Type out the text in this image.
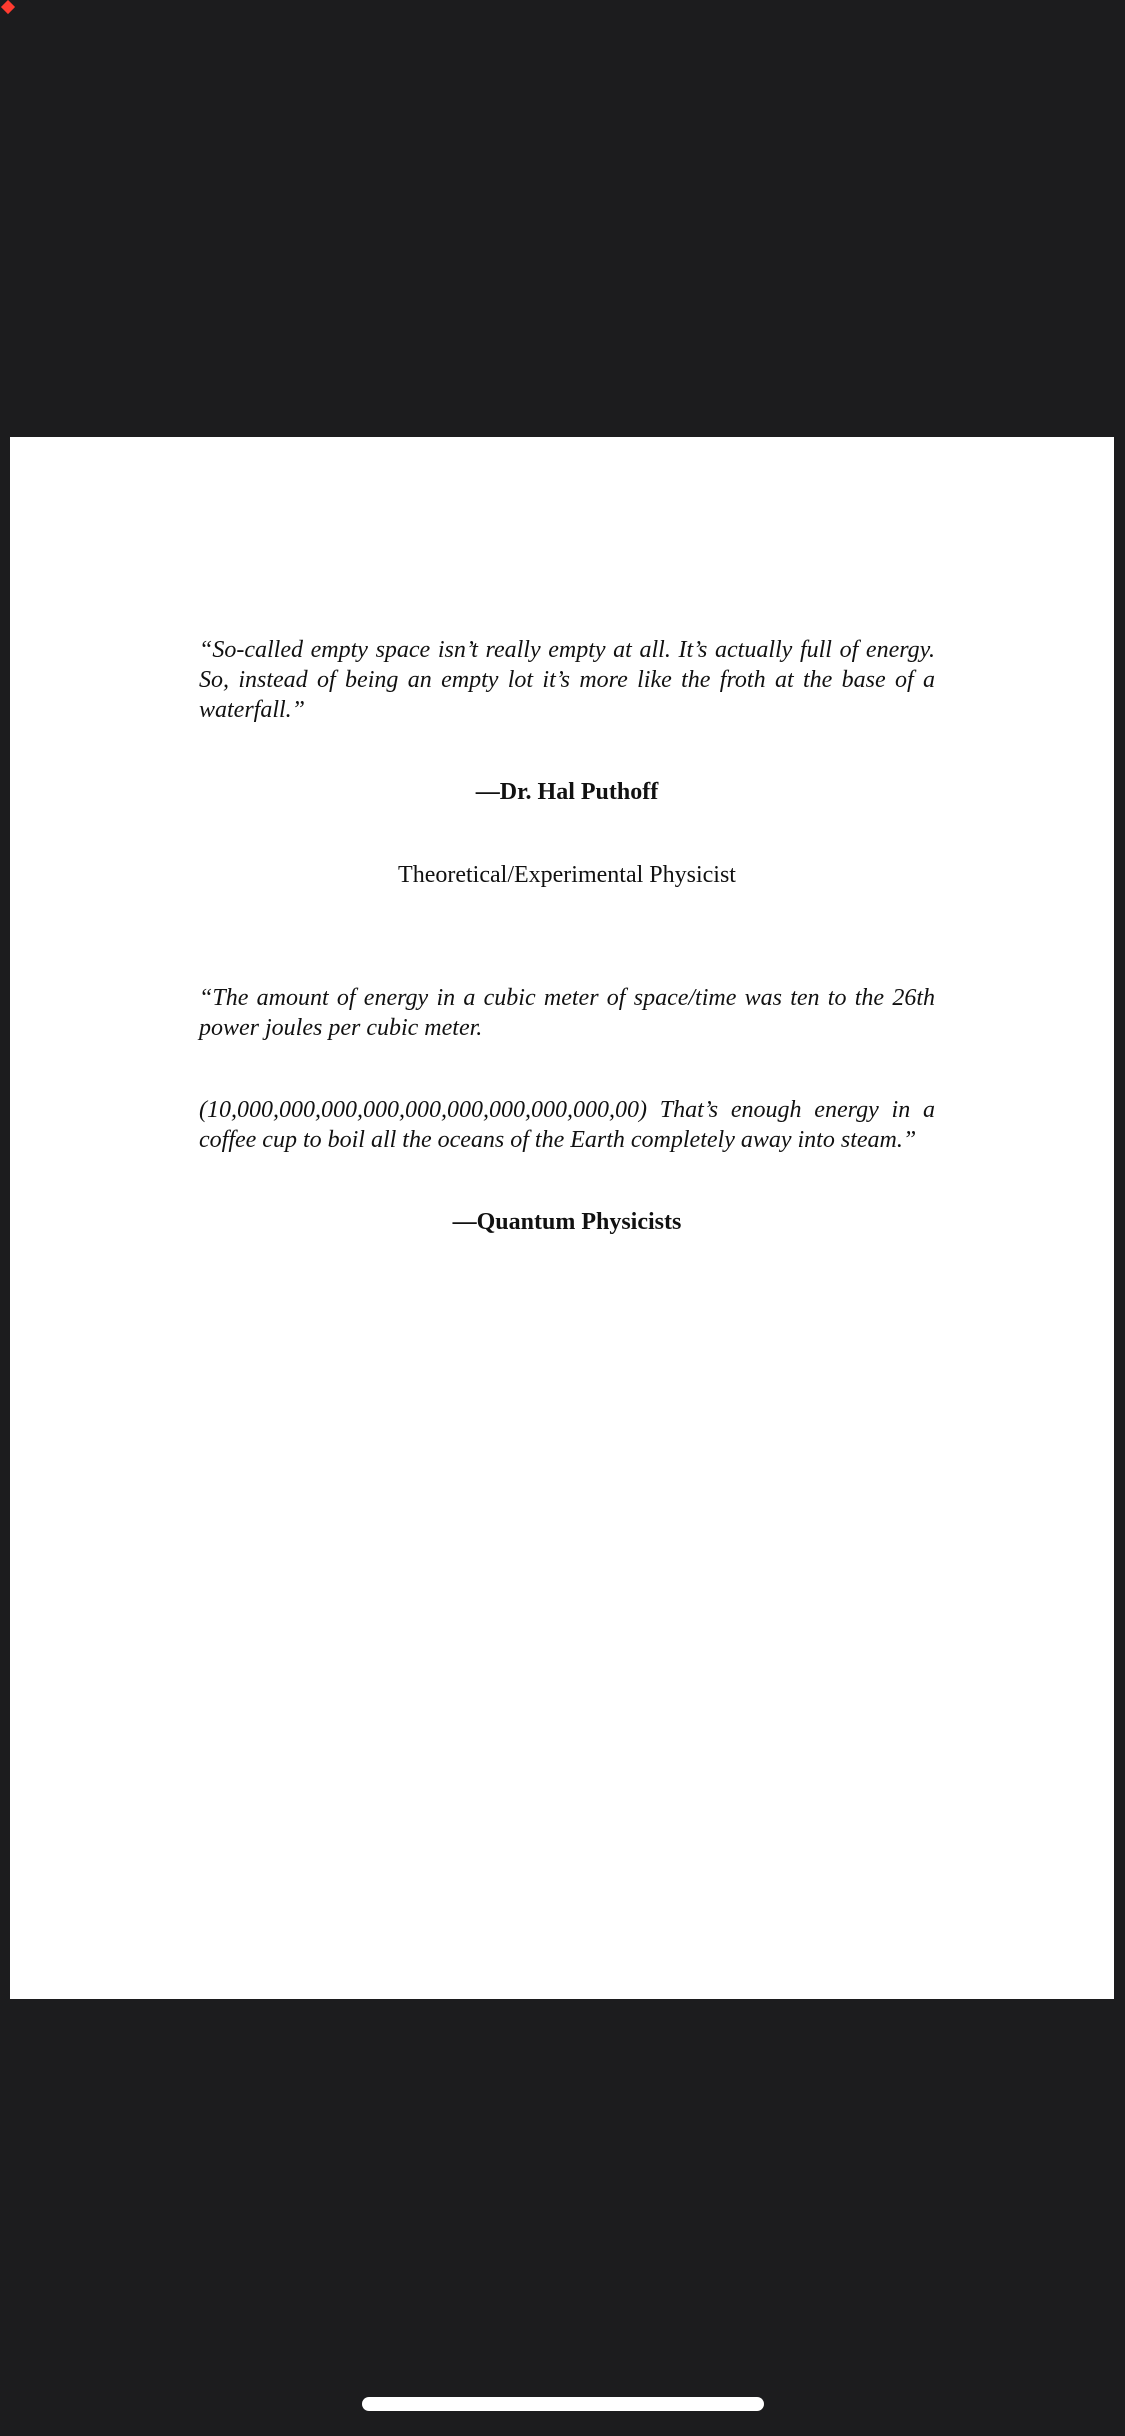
“So-called empty space isn’t really empty at all. It’s actually full of energy. So, instead of being an empty lot it’s more like the froth at the base of a waterfall.”
—Dr. Hal Puthoff
Theoretical/Experimental Physicist
“The amount of energy in a cubic meter of space/time was ten to the 26th power joules per cubic meter.
(10,000,000,000,000,000,000,000,000,000,00) That’s enough energy in a coffee cup to boil all the oceans of the Earth completely away into steam.”
—Quantum Physicists
